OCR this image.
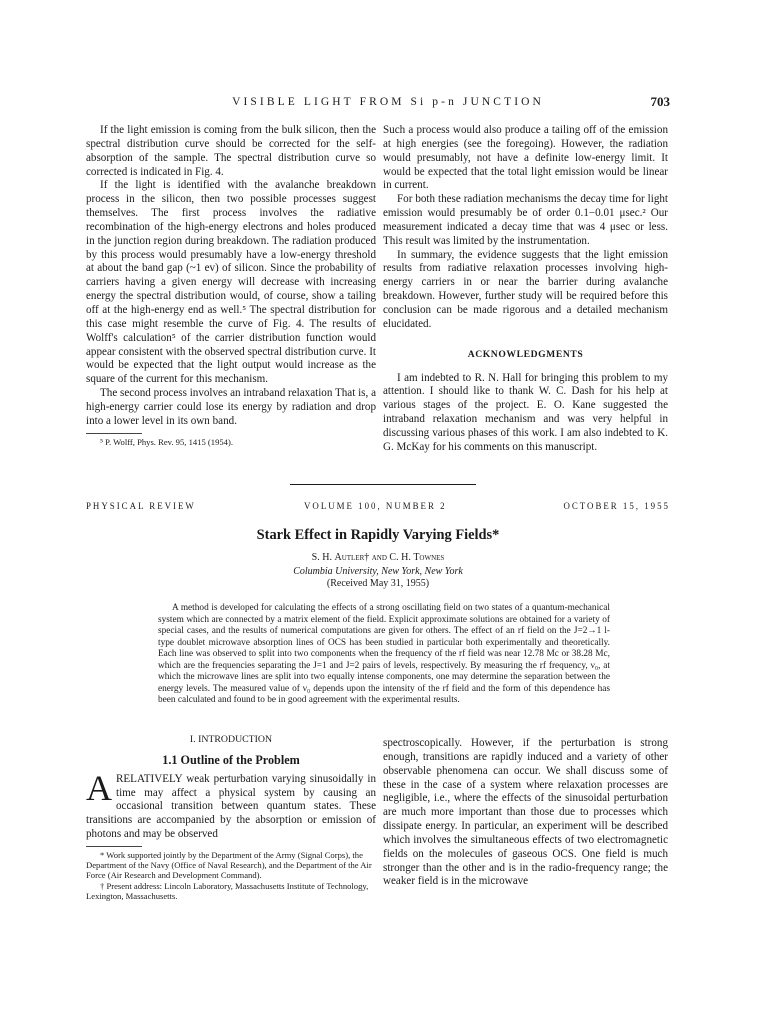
VISIBLE LIGHT FROM Si p-n JUNCTION	703

If the light emission is coming from the bulk silicon, then the spectral distribution curve should be corrected for the self-absorption of the sample. The spectral distribution curve so corrected is indicated in Fig. 4.

If the light is identified with the avalanche breakdown process in the silicon, then two possible processes suggest themselves. The first process involves the radiative recombination of the high-energy electrons and holes produced in the junction region during breakdown. The radiation produced by this process would presumably have a low-energy threshold at about the band gap (~1 ev) of silicon. Since the probability of carriers having a given energy will decrease with increasing energy the spectral distribution would, of course, show a tailing off at the high-energy end as well.⁵ The spectral distribution for this case might resemble the curve of Fig. 4. The results of Wolff's calculation⁵ of the carrier distribution function would appear consistent with the observed spectral distribution curve. It would be expected that the light output would increase as the square of the current for this mechanism.

The second process involves an intraband relaxation That is, a high-energy carrier could lose its energy by radiation and drop into a lower level in its own band.

⁵ P. Wolff, Phys. Rev. 95, 1415 (1954).

Such a process would also produce a tailing off of the emission at high energies (see the foregoing). However, the radiation would presumably, not have a definite low-energy limit. It would be expected that the total light emission would be linear in current.

For both these radiation mechanisms the decay time for light emission would presumably be of order 0.1−0.01 μsec.² Our measurement indicated a decay time that was 4 μsec or less. This result was limited by the instrumentation.

In summary, the evidence suggests that the light emission results from radiative relaxation processes involving high-energy carriers in or near the barrier during avalanche breakdown. However, further study will be required before this conclusion can be made rigorous and a detailed mechanism elucidated.

ACKNOWLEDGMENTS

I am indebted to R. N. Hall for bringing this problem to my attention. I should like to thank W. C. Dash for his help at various stages of the project. E. O. Kane suggested the intraband relaxation mechanism and was very helpful in discussing various phases of this work. I am also indebted to K. G. McKay for his comments on this manuscript.

PHYSICAL REVIEW	VOLUME 100, NUMBER 2	OCTOBER 15, 1955
Stark Effect in Rapidly Varying Fields*
S. H. Autler† and C. H. Townes
Columbia University, New York, New York
(Received May 31, 1955)

A method is developed for calculating the effects of a strong oscillating field on two states of a quantum-mechanical system which are connected by a matrix element of the field. Explicit approximate solutions are obtained for a variety of special cases, and the results of numerical computations are given for others. The effect of an rf field on the J=2→1 l-type doublet microwave absorption lines of OCS has been studied in particular both experimentally and theoretically. Each line was observed to split into two components when the frequency of the rf field was near 12.78 Mc or 38.28 Mc, which are the frequencies separating the J=1 and J=2 pairs of levels, respectively. By measuring the rf frequency, ν₀, at which the microwave lines are split into two equally intense components, one may determine the separation between the energy levels. The measured value of ν₀ depends upon the intensity of the rf field and the form of this dependence has been calculated and found to be in good agreement with the experimental results.

I. INTRODUCTION
1.1 Outline of the Problem

A RELATIVELY weak perturbation varying sinusoidally in time may affect a physical system by causing an occasional transition between quantum states. These transitions are accompanied by the absorption or emission of photons and may be observed

* Work supported jointly by the Department of the Army (Signal Corps), the Department of the Navy (Office of Naval Research), and the Department of the Air Force (Air Research and Development Command).

† Present address: Lincoln Laboratory, Massachusetts Institute of Technology, Lexington, Massachusetts.

spectroscopically. However, if the perturbation is strong enough, transitions are rapidly induced and a variety of other observable phenomena can occur. We shall discuss some of these in the case of a system where relaxation processes are negligible, i.e., where the effects of the sinusoidal perturbation are much more important than those due to processes which dissipate energy. In particular, an experiment will be described which involves the simultaneous effects of two electromagnetic fields on the molecules of gaseous OCS. One field is much stronger than the other and is in the radio-frequency range; the weaker field is in the microwave
